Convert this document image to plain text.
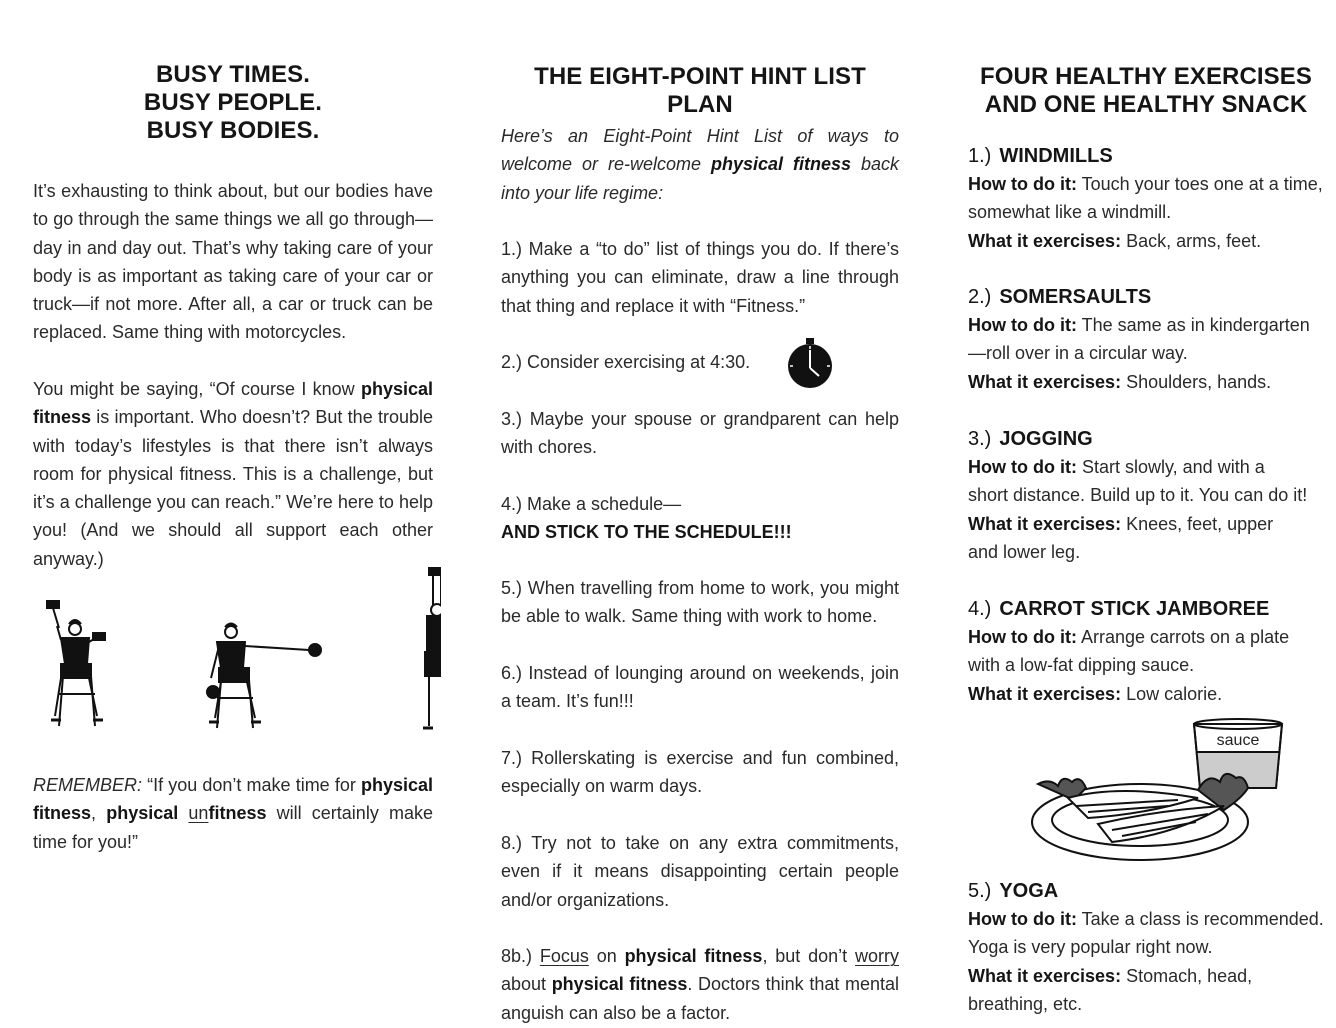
BUSY TIMES.

BUSY PEOPLE.

BUSY BODIES.

It’s exhausting to think about, but our bodies have to go through the same things we all go through—day in and day out. That’s why taking care of your body is as important as taking care of your car or truck—if not more. After all, a car or truck can be replaced. Same thing with motorcycles.

You might be saying, “Of course I know physical fitness is important. Who doesn’t? But the trouble with today’s lifestyles is that there isn’t always room for physical fitness. This is a challenge, but it’s a challenge you can reach.” We’re here to help you! (And we should all support each other anyway.)

REMEMBER: “If you don’t make time for physical fitness, physical unfitness will certainly make time for you!”

THE EIGHT-POINT HINT LIST PLAN

Here’s an Eight-Point Hint List of ways to welcome or re-welcome physical fitness back into your life regime:

1.) Make a “to do” list of things you do. If there’s anything you can eliminate, draw a line through that thing and replace it with “Fitness.”

2.) Consider exercising at 4:30.

3.) Maybe your spouse or grandparent can help with chores.

4.) Make a schedule—

AND STICK TO THE SCHEDULE!!!

5.) When travelling from home to work, you might be able to walk. Same thing with work to home.

6.) Instead of lounging around on weekends, join a team. It’s fun!!!

7.) Rollerskating is exercise and fun combined, especially on warm days.

8.) Try not to take on any extra commitments, even if it means disappointing certain people and/or organizations.

8b.) Focus on physical fitness, but don’t worry about physical fitness. Doctors think that mental anguish can also be a factor.

FOUR HEALTHY EXERCISES

AND ONE HEALTHY SNACK

1.) WINDMILLS

How to do it: Touch your toes one at a time, somewhat like a windmill.

What it exercises: Back, arms, feet.

2.) SOMERSAULTS

How to do it: The same as in kindergarten—roll over in a circular way.

What it exercises: Shoulders, hands.

3.) JOGGING

How to do it: Start slowly, and with a short distance. Build up to it. You can do it!

What it exercises: Knees, feet, upper and lower leg.

4.) CARROT STICK JAMBOREE

How to do it: Arrange carrots on a plate with a low-fat dipping sauce.

What it exercises: Low calorie.

sauce
5.) YOGA

How to do it: Take a class is recommended. Yoga is very popular right now.

What it exercises: Stomach, head, breathing, etc.
